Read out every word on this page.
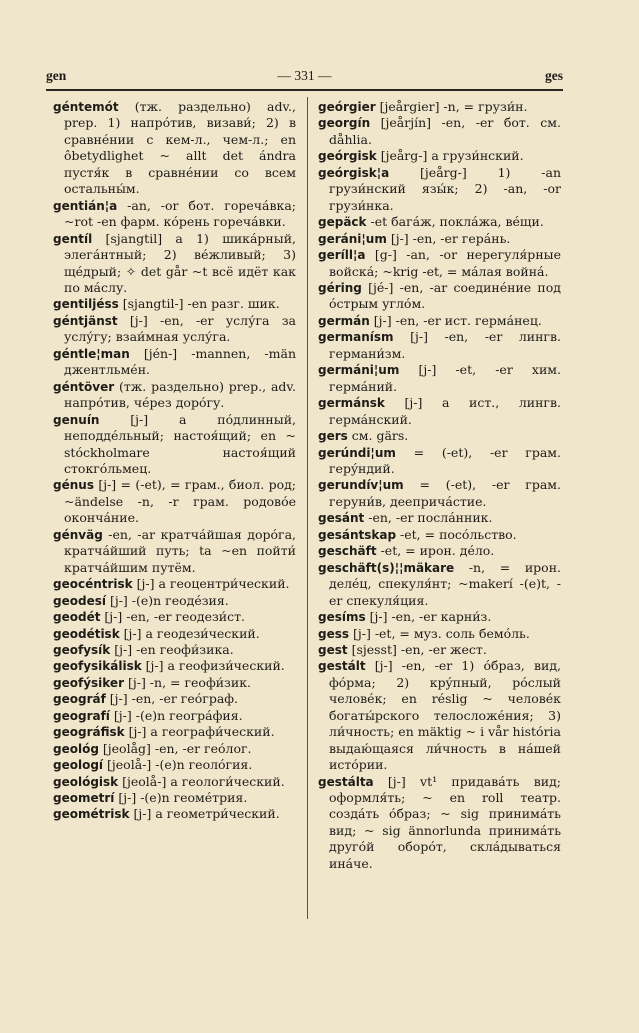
gen	— 331 —	ges

géntemót (тж. раздельно) adv., prep. 1) напрóтив, визави́; 2) в сравнéнии с кем-л., чем-л.; en ôbetydlighet ~ allt det ándra пустя́к в сравнéнии со всем остальны́м.

gentián¦a -an, -or бот. горечáвка; ~rot -en фарм. кóрень горечáвки.

gentíl [sjangtil] a 1) шикáрный, элегáнтный; 2) вéжливый; 3) щéдрый; ✧ det går ~t всё идёт как по мáслу.

gentiljéss [sjangtil-] -en разг. шик.

géntjänst [j-] -en, -er услу́га за услу́гу; взаи́мная услу́га.

géntle¦man [jén-] -mannen, -män джентльмéн.

géntöver (тж. раздельно) prep., adv. напрóтив, чéрез дорóгу.

genuín [j-] a пóдлинный, неподдéльный; настоя́щий; en ~ stóckholmare настоя́щий стокгóльмец.

génus [j-] = (-et), = грам., биол. род; ~ändelse -n, -r грам. родовóе окончáние.

génväg -en, -ar кратчáйшая дорóга, кратчáйший путь; ta ~en пойти́ кратчáйшим путём.

geocéntrisk [j-] a геоцентри́ческий.

geodesí [j-] -(e)n геодéзия.

geodét [j-] -en, -er геодези́ст.

geodétisk [j-] a геодези́ческий.

geofysík [j-] -en геофи́зика.

geofysikálisk [j-] a геофизи́ческий.

geofýsiker [j-] -n, = геофи́зик.

geográf [j-] -en, -er геóграф.

geografí [j-] -(e)n геогрáфия.

geográfisk [j-] a географи́ческий.

geológ [jeolåg] -en, -er геóлог.

geologí [jeolå-] -(e)n геолóгия.

geológisk [jeolå-] a геологи́ческий.

geometrí [j-] -(e)n геомéтрия.

geométrisk [j-] a геометри́ческий.

geórgier [jeårgier] -n, = грузи́н.

georgín [jeårjín] -en, -er бот. см. dåhlia.

geórgisk [jeårg-] a грузи́нский.

geórgisk¦a [jeårg-] 1) -an грузи́нский язы́к; 2) -an, -or грузи́нка.

gepäck -et багáж, поклáжа, вéщи.

geráni¦um [j-] -en, -er герáнь.

geríll¦a [g-] -an, -or нерегуля́рные войскá; ~krig -et, = мáлая войнá.

géring [jé-] -en, -ar соединéние под óстрым углóм.

germán [j-] -en, -er ист. гермáнец.

germanísm [j-] -en, -er лингв. германи́зм.

germáni¦um [j-] -et, -er хим. гермáний.

germánsk [j-] a ист., лингв. гермáнский.

gers см. gärs.

gerúndi¦um = (-et), -er грам. герýндий.

gerundív¦um = (-et), -er грам. геруни́в, деепричáстие.

gesánt -en, -er послáнник.

gesántskap -et, = посóльство.

geschäft -et, = ирон. дéло.

geschäft(s)¦¦mäkare -n, = ирон. делéц, спекуля́нт; ~makerí -(e)t, -er спекуля́ция.

gesíms [j-] -en, -er карни́з.

gess [j-] -et, = муз. соль бемóль.

gest [sjesst] -en, -er жест.

gestált [j-] -en, -er 1) óбраз, вид, фóрма; 2) крýпный, рóслый человéк; en réslig ~ человéк богаты́рского телосложéния; 3) ли́чность; en mäktig ~ i vår história выдаю́щаяся ли́чность в нáшей истóрии.

gestálta [j-] vt¹ придавáть вид; оформля́ть; ~ en roll театр. создáть óбраз; ~ sig принимáть вид; ~ sig ännorlunda принимáть другóй оборóт, склáдываться инáче.
